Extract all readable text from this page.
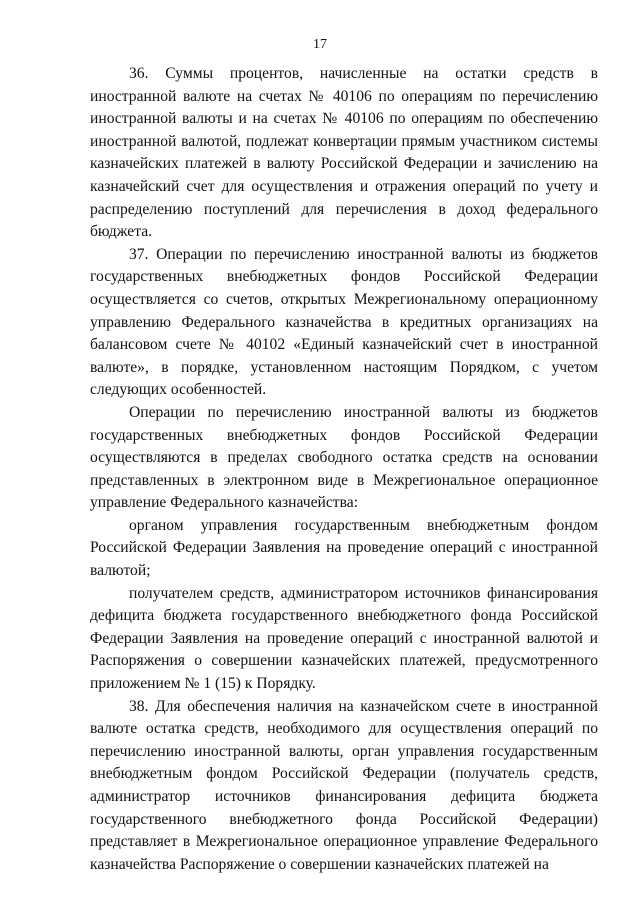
17

36. Суммы процентов, начисленные на остатки средств в иностранной валюте на счетах № 40106 по операциям по перечислению иностранной валюты и на счетах № 40106 по операциям по обеспечению иностранной валютой, подлежат конвертации прямым участником системы казначейских платежей в валюту Российской Федерации и зачислению на казначейский счет для осуществления и отражения операций по учету и распределению поступлений для перечисления в доход федерального бюджета.

37. Операции по перечислению иностранной валюты из бюджетов государственных внебюджетных фондов Российской Федерации осуществляется со счетов, открытых Межрегиональному операционному управлению Федерального казначейства в кредитных организациях на балансовом счете № 40102 «Единый казначейский счет в иностранной валюте», в порядке, установленном настоящим Порядком, с учетом следующих особенностей.

Операции по перечислению иностранной валюты из бюджетов государственных внебюджетных фондов Российской Федерации осуществляются в пределах свободного остатка средств на основании представленных в электронном виде в Межрегиональное операционное управление Федерального казначейства:

органом управления государственным внебюджетным фондом Российской Федерации Заявления на проведение операций с иностранной валютой;

получателем средств, администратором источников финансирования дефицита бюджета государственного внебюджетного фонда Российской Федерации Заявления на проведение операций с иностранной валютой и Распоряжения о совершении казначейских платежей, предусмотренного приложением № 1 (15) к Порядку.

38. Для обеспечения наличия на казначейском счете в иностранной валюте остатка средств, необходимого для осуществления операций по перечислению иностранной валюты, орган управления государственным внебюджетным фондом Российской Федерации (получатель средств, администратор источников финансирования дефицита бюджета государственного внебюджетного фонда Российской Федерации) представляет в Межрегиональное операционное управление Федерального казначейства Распоряжение о совершении казначейских платежей на
